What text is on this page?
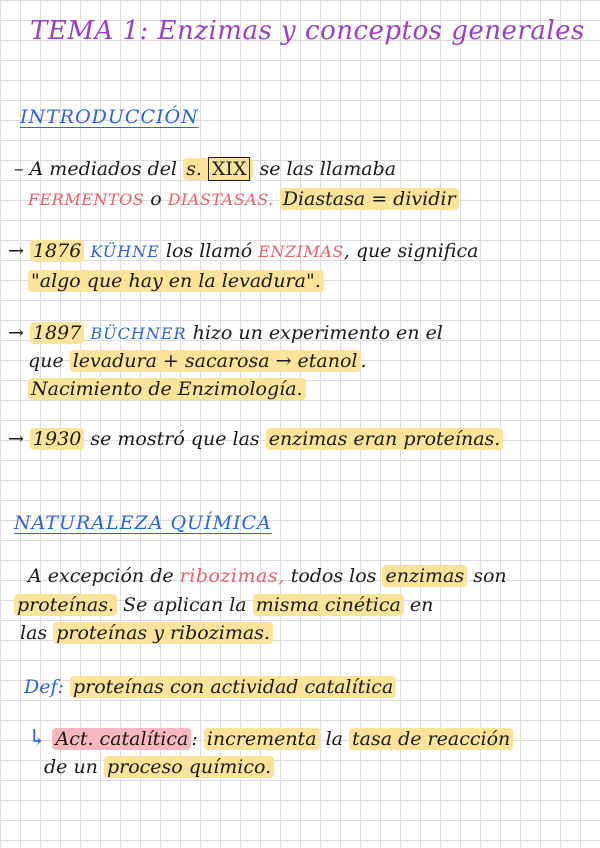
TEMA 1: Enzimas y conceptos generales
INTRODUCCIÓN
– A mediados del s. XIX se las llamaba
FERMENTOS o DIASTASAS. Diastasa = dividir
→ 1876 KÜHNE los llamó ENZIMAS, que significa
"algo que hay en la levadura".
→ 1897 BÜCHNER hizo un experimento en el
que levadura + sacarosa → etanol .
Nacimiento de Enzimología.
→ 1930 se mostró que las enzimas eran proteínas.
NATURALEZA QUÍMICA
A excepción de ribozimas, todos los enzimas son
proteínas. Se aplican la misma cinética en
las proteínas y ribozimas.
Def: proteínas con actividad catalítica
↳ Act. catalítica : incrementa la tasa de reacción
de un proceso químico.
